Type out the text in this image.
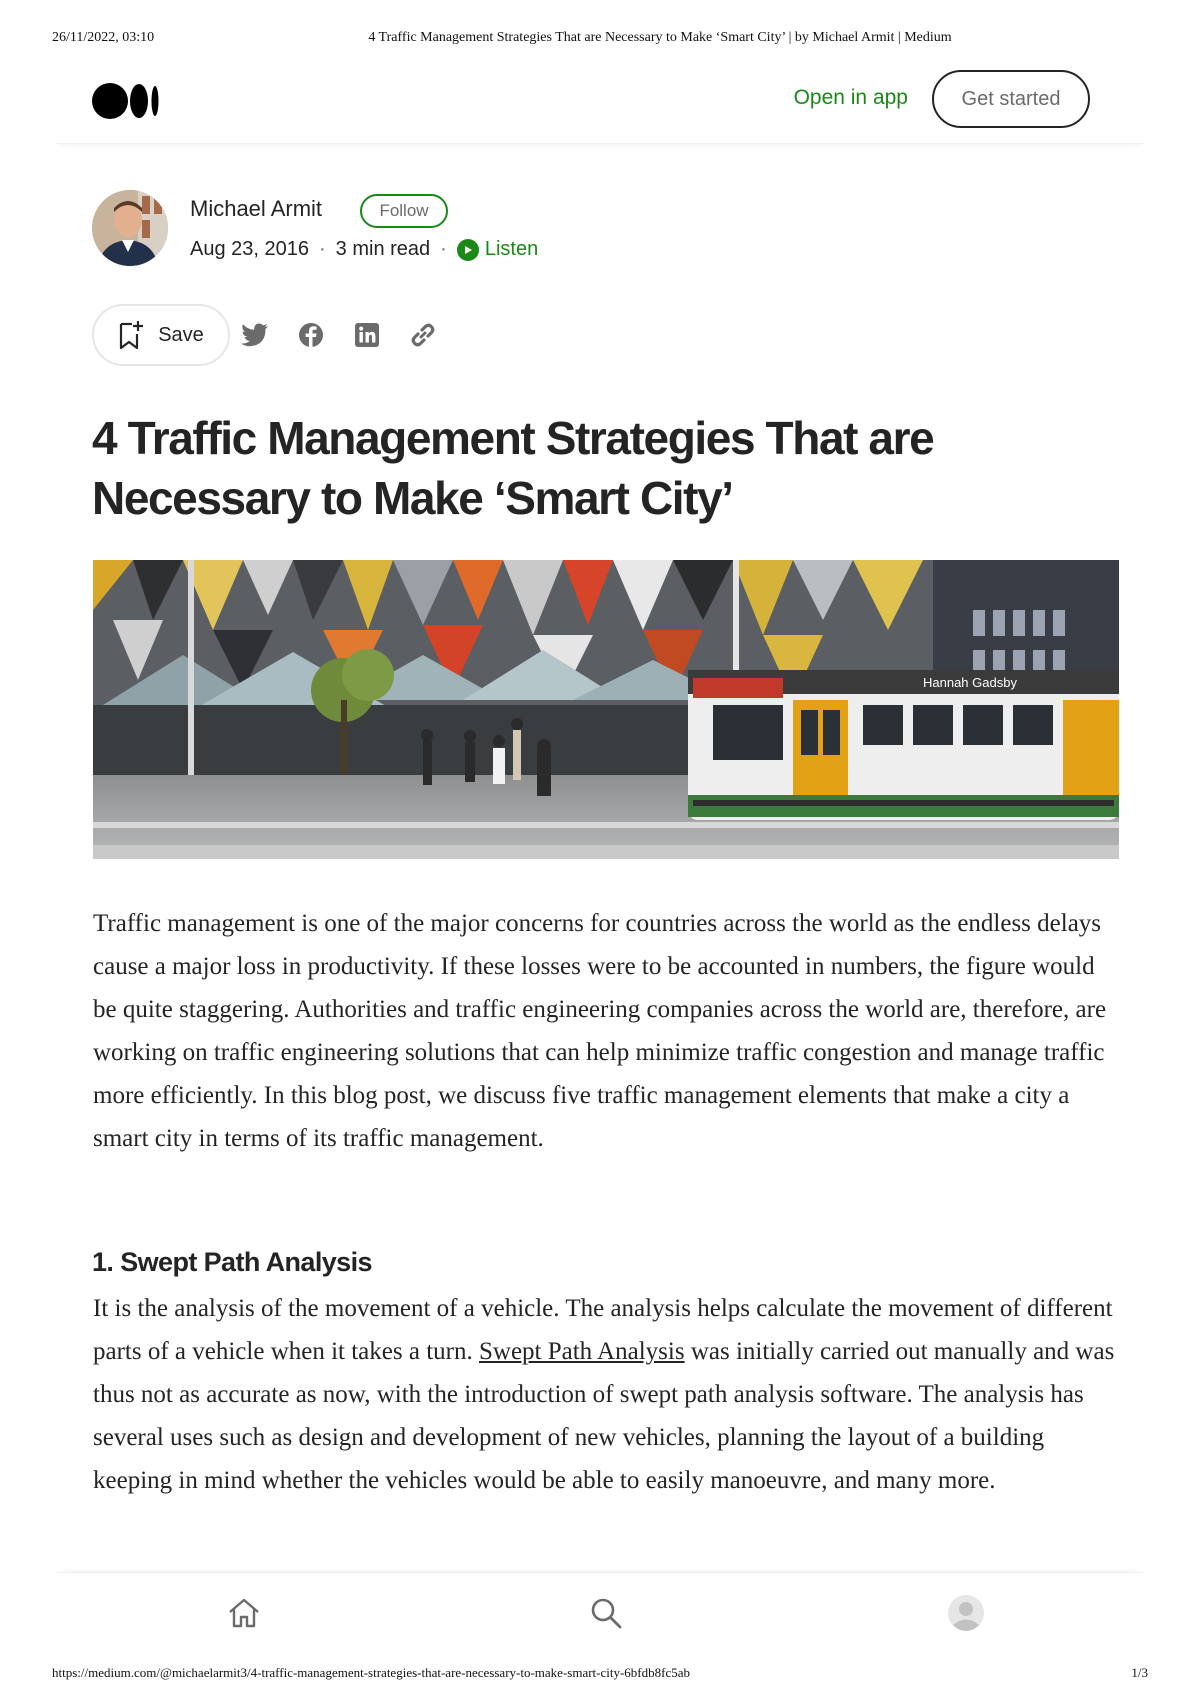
26/11/2022, 03:10	4 Traffic Management Strategies That are Necessary to Make ‘Smart City’ | by Michael Armit | Medium
Open in app	Get started
Michael Armit	Follow
Aug 23, 2016 · 3 min read · Listen
Save
4 Traffic Management Strategies That are
Necessary to Make ‘Smart City’
Hannah Gadsby

Traffic management is one of the major concerns for countries across the world as the endless delays cause a major loss in productivity. If these losses were to be accounted in numbers, the figure would be quite staggering. Authorities and traffic engineering companies across the world are, therefore, are working on traffic engineering solutions that can help minimize traffic congestion and manage traffic more efficiently. In this blog post, we discuss five traffic management elements that make a city a smart city in terms of its traffic management.

1. Swept Path Analysis

It is the analysis of the movement of a vehicle. The analysis helps calculate the movement of different parts of a vehicle when it takes a turn. Swept Path Analysis was initially carried out manually and was thus not as accurate as now, with the introduction of swept path analysis software. The analysis has several uses such as design and development of new vehicles, planning the layout of a building keeping in mind whether the vehicles would be able to easily manoeuvre, and many more.

https://medium.com/@michaelarmit3/4-traffic-management-strategies-that-are-necessary-to-make-smart-city-6bfdb8fc5ab	1/3
